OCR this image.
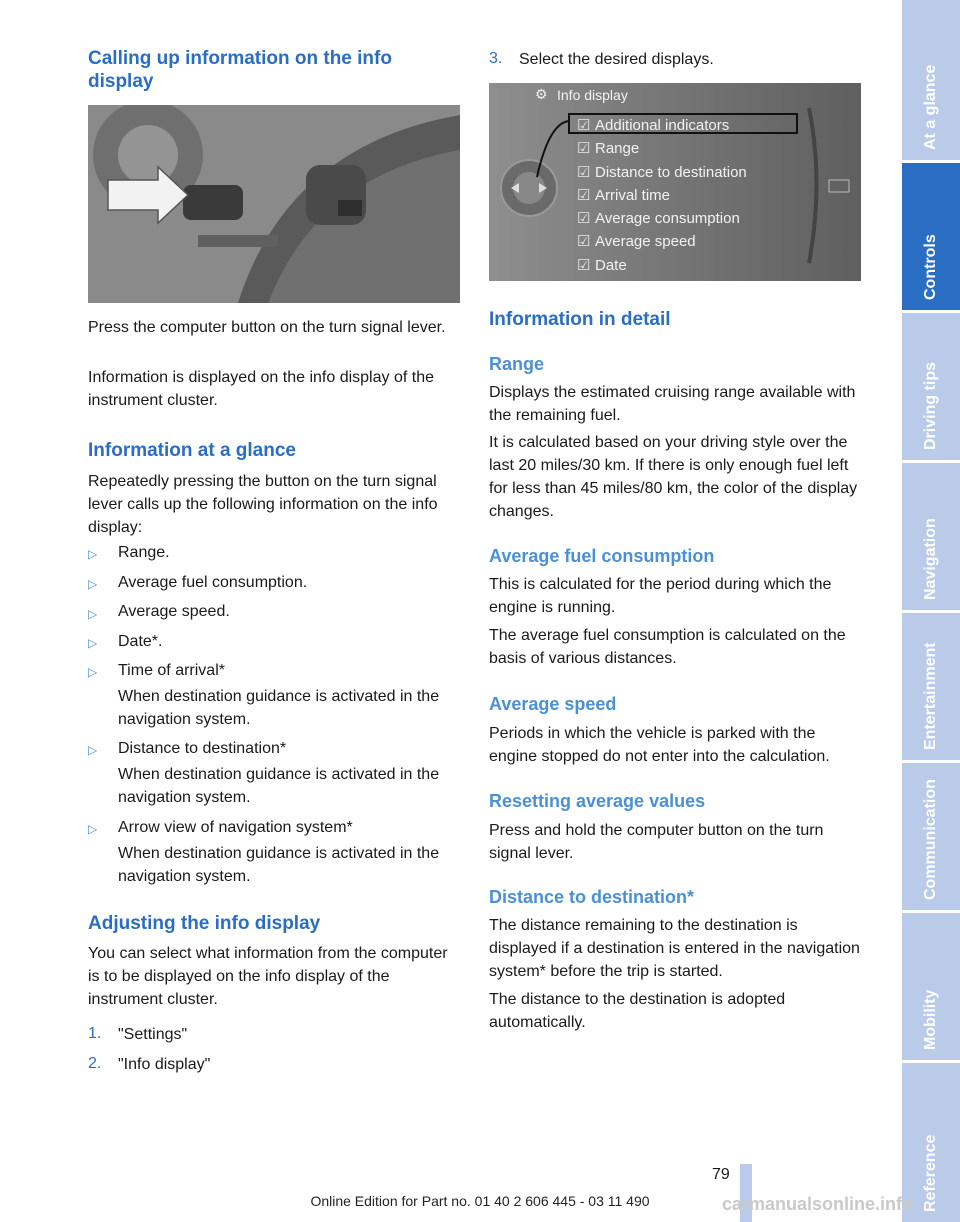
Calling up information on the info
display

Press the computer button on the turn signal lever.

Information is displayed on the info display of the instrument cluster.

Information at a glance

Repeatedly pressing the button on the turn signal lever calls up the following information on the info display:

▷ Range.

▷ Average fuel consumption.

▷ Average speed.

▷ Date*.

▷ Time of arrival*

When destination guidance is activated in the navigation system.

▷ Distance to destination*

When destination guidance is activated in the navigation system.

▷ Arrow view of navigation system*

When destination guidance is activated in the navigation system.

Adjusting the info display

You can select what information from the computer is to be displayed on the info display of the instrument cluster.

1. "Settings"

2. "Info display"

3. Select the desired displays.

⚙ Info display
☑ Additional indicators
☑ Range
☑ Distance to destination
☑ Arrival time
☑ Average consumption
☑ Average speed
☑ Date

Information in detail

Range

Displays the estimated cruising range available with the remaining fuel.

It is calculated based on your driving style over the last 20 miles/30 km. If there is only enough fuel left for less than 45 miles/80 km, the color of the display changes.

Average fuel consumption

This is calculated for the period during which the engine is running.

The average fuel consumption is calculated on the basis of various distances.

Average speed

Periods in which the vehicle is parked with the engine stopped do not enter into the calculation.

Resetting average values

Press and hold the computer button on the turn signal lever.

Distance to destination*

The distance remaining to the destination is displayed if a destination is entered in the navigation system* before the trip is started.

The distance to the destination is adopted automatically.

At a glance
Controls
Driving tips
Navigation
Entertainment
Communication
Mobility
Reference
79
Online Edition for Part no. 01 40 2 606 445 - 03 11 490	carmanualsonline.info
